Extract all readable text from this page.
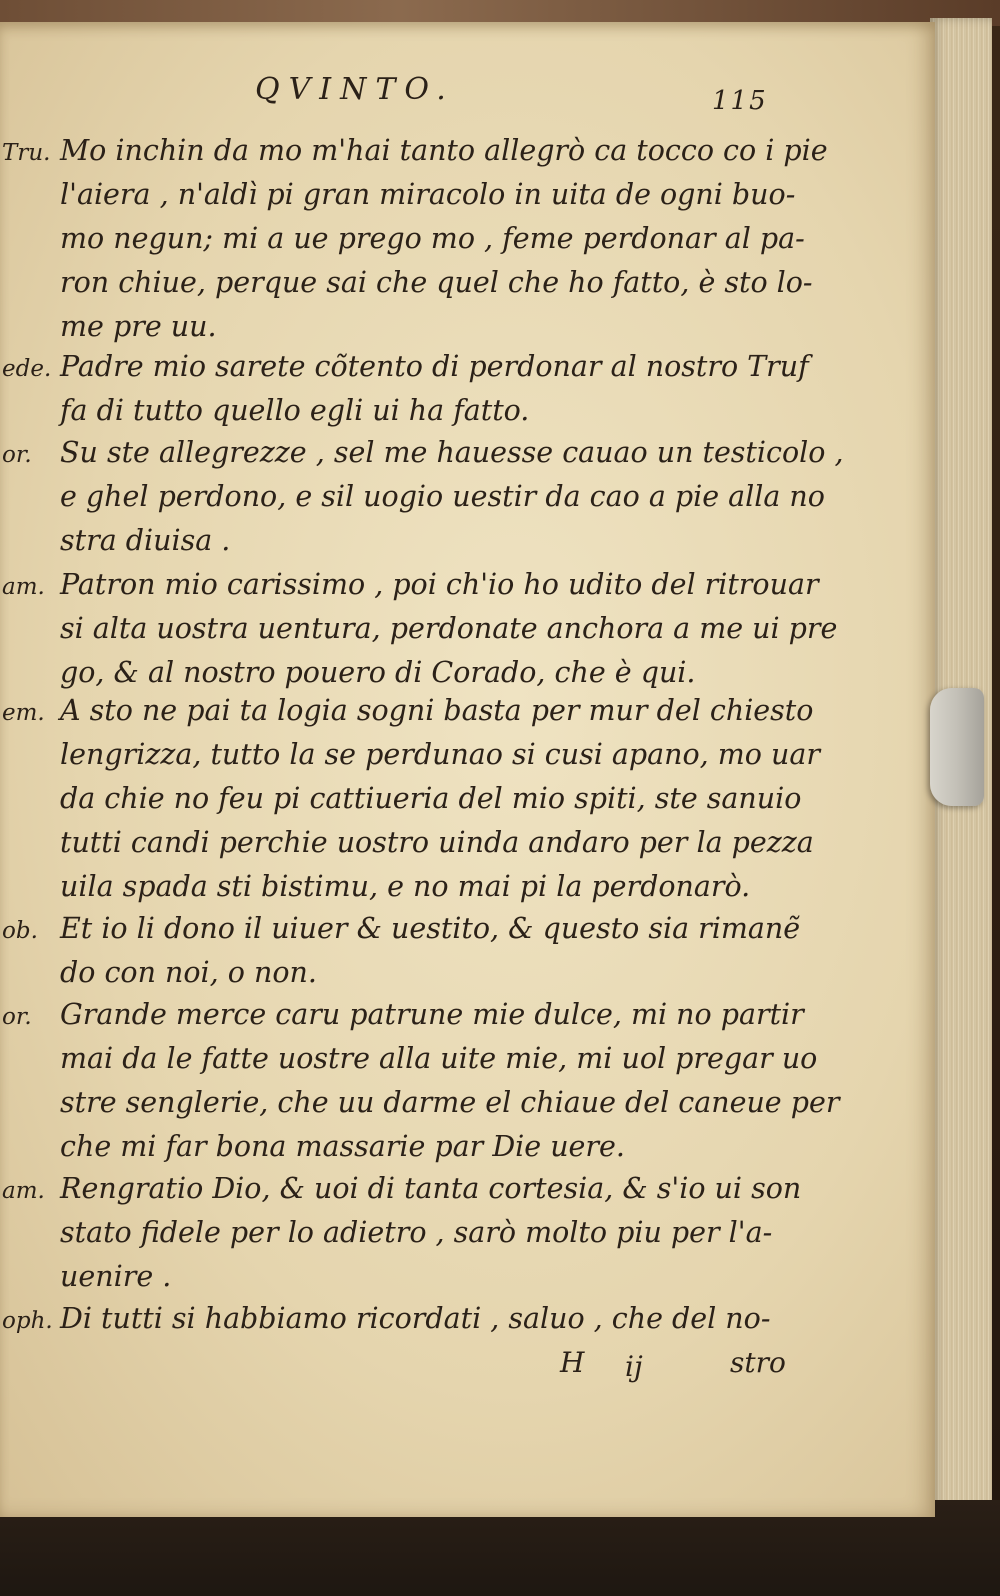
QVINTO.	115
Tru. Mo inchin da mo m'hai tanto allegrò ca tocco co i pie
l'aiera , n'aldì pi gran miracolo in uita de ogni buo-
mo negun; mi a ue prego mo , feme perdonar al pa-
ron chiue, perque sai che quel che ho fatto, è sto lo-
me pre uu.
ede. Padre mio sarete cõtento di perdonar al nostro Truf
fa di tutto quello egli ui ha fatto.
or. Su ste allegrezze , sel me hauesse cauao un testicolo ,
e ghel perdono, e sil uogio uestir da cao a pie alla no
stra diuisa .
am. Patron mio carissimo , poi ch'io ho udito del ritrouar
si alta uostra uentura, perdonate anchora a me ui pre
go, & al nostro pouero di Corado, che è qui.
em. A sto ne pai ta logia sogni basta per mur del chiesto
lengrizza, tutto la se perdunao si cusi apano, mo uar
da chie no feu pi cattiueria del mio spiti, ste sanuio
tutti candi perchie uostro uinda andaro per la pezza
uila spada sti bistimu, e no mai pi la perdonarò.
ob. Et io li dono il uiuer & uestito, & questo sia rimanẽ
do con noi, o non.
or. Grande merce caru patrune mie dulce, mi no partir
mai da le fatte uostre alla uite mie, mi uol pregar uo
stre senglerie, che uu darme el chiaue del caneue per
che mi far bona massarie par Die uere.
am. Rengratio Dio, & uoi di tanta cortesia, & s'io ui son
stato fidele per lo adietro , sarò molto piu per l'a-
uenire .
oph. Di tutti si habbiamo ricordati , saluo , che del no-
H ij	stro
